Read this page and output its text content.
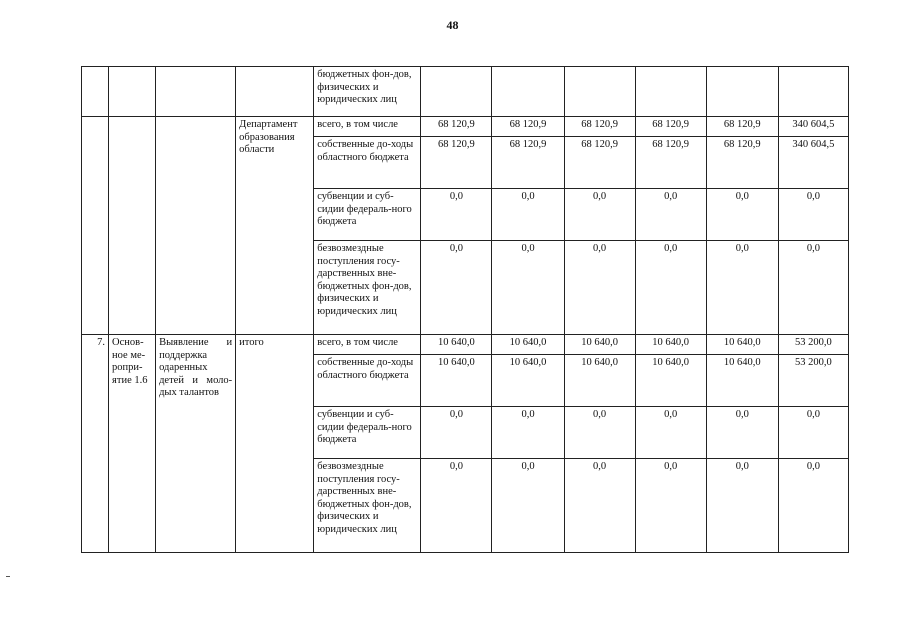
48
				бюджетных фон-дов, физических и юридических лиц						
			Департамент образования области	всего, в том числе	68 120,9	68 120,9	68 120,9	68 120,9	68 120,9	340 604,5
				собственные до-ходы областного бюджета	68 120,9	68 120,9	68 120,9	68 120,9	68 120,9	340 604,5
				субвенции и суб-сидии федераль-ного бюджета	0,0	0,0	0,0	0,0	0,0	0,0
				безвозмездные поступления госу-дарственных вне-бюджетных фон-дов, физических и юридических лиц	0,0	0,0	0,0	0,0	0,0	0,0
7.	Основ-ное ме-ропри-ятие 1.6	Выявление и поддержка одаренных детей и моло-дых талантов	итого	всего, в том числе	10 640,0	10 640,0	10 640,0	10 640,0	10 640,0	53 200,0
				собственные до-ходы областного бюджета	10 640,0	10 640,0	10 640,0	10 640,0	10 640,0	53 200,0
				субвенции и суб-сидии федераль-ного бюджета	0,0	0,0	0,0	0,0	0,0	0,0
				безвозмездные поступления госу-дарственных вне-бюджетных фон-дов, физических и юридических лиц	0,0	0,0	0,0	0,0	0,0	0,0
